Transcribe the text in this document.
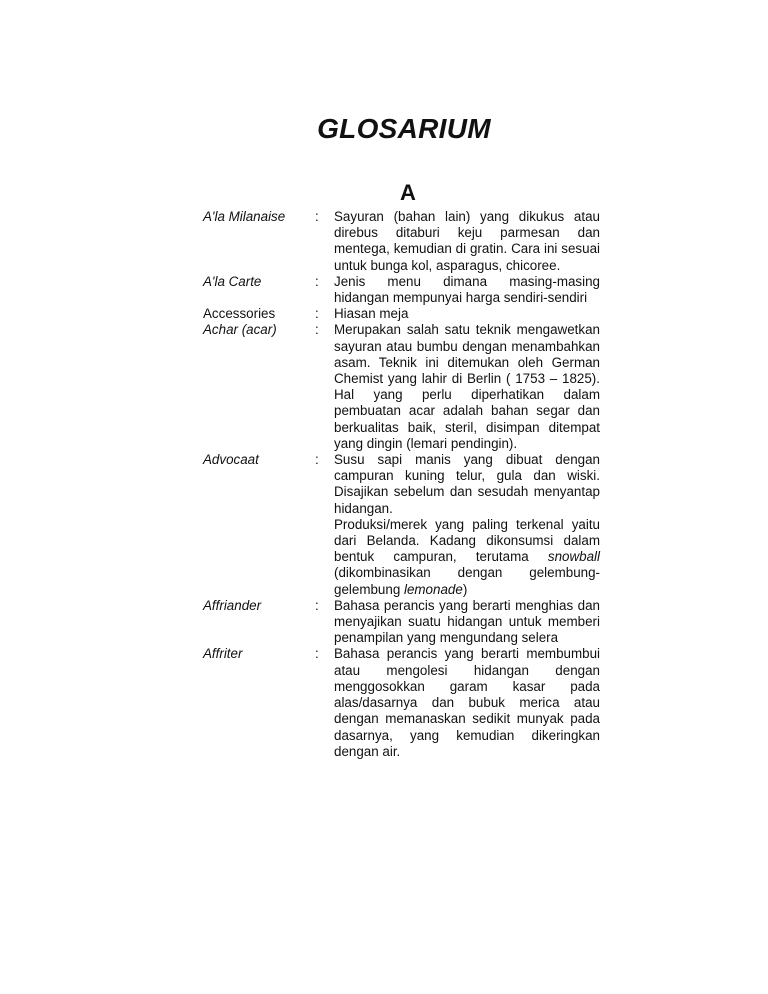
GLOSARIUM
A
A'la Milanaise	:	Sayuran (bahan lain) yang dikukus atau direbus ditaburi keju parmesan dan mentega, kemudian di gratin. Cara ini sesuai untuk bunga kol, asparagus, chicoree.
A'la Carte	:	Jenis menu dimana masing-masing hidangan mempunyai harga sendiri-sendiri
Accessories	:	Hiasan meja
Achar (acar)	:	Merupakan salah satu teknik mengawetkan sayuran atau bumbu dengan menambahkan asam. Teknik ini ditemukan oleh German Chemist yang lahir di Berlin ( 1753 – 1825). Hal yang perlu diperhatikan dalam pembuatan acar adalah bahan segar dan berkualitas baik, steril, disimpan ditempat yang dingin (lemari pendingin).
Advocaat	:	Susu sapi manis yang dibuat dengan campuran kuning telur, gula dan wiski. Disajikan sebelum dan sesudah menyantap hidangan.

Produksi/merek yang paling terkenal yaitu dari Belanda. Kadang dikonsumsi dalam bentuk campuran, terutama snowball (dikombinasikan dengan gelembung-gelembung lemonade)

Affriander	:	Bahasa perancis yang berarti menghias dan menyajikan suatu hidangan untuk memberi penampilan yang mengundang selera
Affriter	:	Bahasa perancis yang berarti membumbui atau mengolesi hidangan dengan menggosokkan garam kasar pada alas/dasarnya dan bubuk merica atau dengan memanaskan sedikit munyak pada dasarnya, yang kemudian dikeringkan dengan air.
